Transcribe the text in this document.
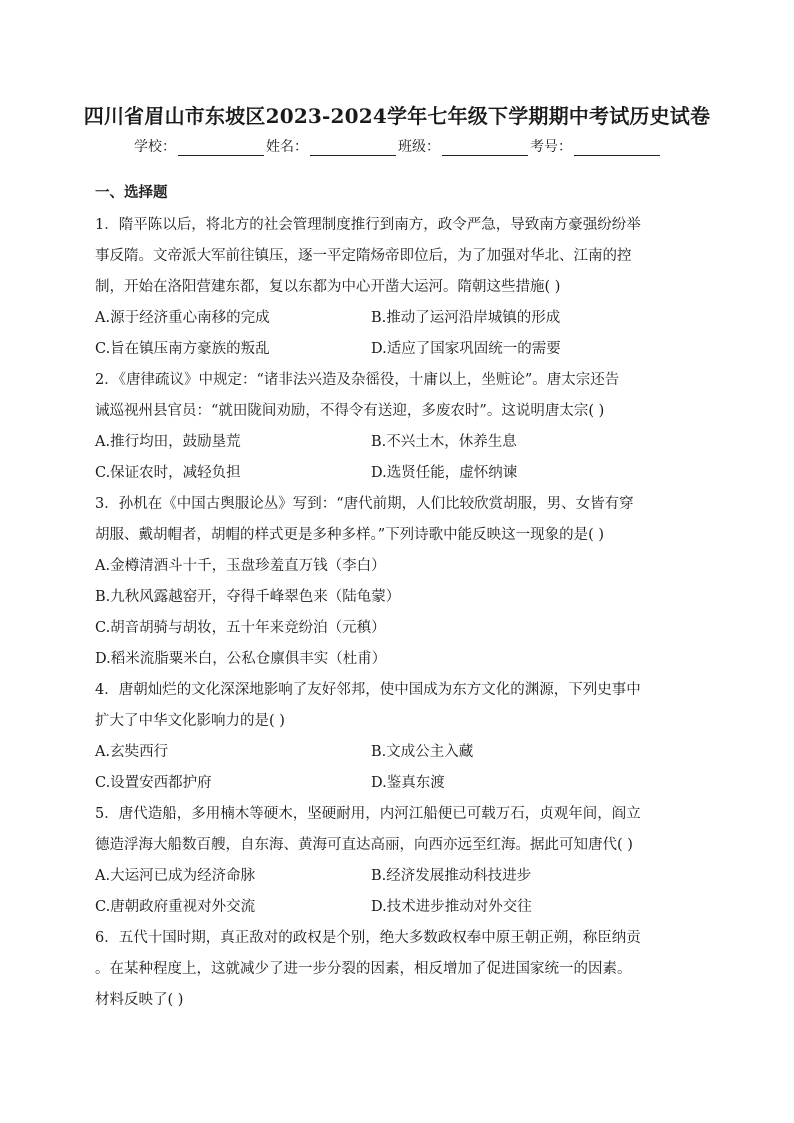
四川省眉山市东坡区2023-2024学年七年级下学期期中考试历史试卷
学校：	姓名：	班级：	考号：
一、选择题
1．隋平陈以后，将北方的社会管理制度推行到南方，政令严急，导致南方豪强纷纷举
事反隋。文帝派大军前往镇压，逐一平定隋炀帝即位后，为了加强对华北、江南的控
制，开始在洛阳营建东都，复以东都为中心开凿大运河。隋朝这些措施( )
A.源于经济重心南移的完成	B.推动了运河沿岸城镇的形成
C.旨在镇压南方豪族的叛乱	D.适应了国家巩固统一的需要
2．《唐律疏议》中规定：“诸非法兴造及杂徭役，十庸以上，坐赃论”。唐太宗还告
诫巡视州县官员：“就田陇间劝励，不得令有送迎，多废农时”。这说明唐太宗( )
A.推行均田，鼓励垦荒	B.不兴土木，休养生息
C.保证农时，减轻负担	D.选贤任能，虚怀纳谏
3．孙机在《中国古舆服论丛》写到：“唐代前期，人们比较欣赏胡服，男、女皆有穿
胡服、戴胡帽者，胡帽的样式更是多种多样。”下列诗歌中能反映这一现象的是( )
A.金樽清酒斗十千，玉盘珍羞直万钱（李白）
B.九秋风露越窑开，夺得千峰翠色来（陆龟蒙）
C.胡音胡骑与胡妆，五十年来竞纷泊（元稹）
D.稻米流脂粟米白，公私仓廪俱丰实（杜甫）
4．唐朝灿烂的文化深深地影响了友好邻邦，使中国成为东方文化的渊源，下列史事中
扩大了中华文化影响力的是( )
A.玄奘西行	B.文成公主入藏
C.设置安西都护府	D.鉴真东渡
5．唐代造船，多用楠木等硬木，坚硬耐用，内河江船便已可载万石，贞观年间，阎立
德造浮海大船数百艘，自东海、黄海可直达高丽，向西亦远至红海。据此可知唐代( )
A.大运河已成为经济命脉	B.经济发展推动科技进步
C.唐朝政府重视对外交流	D.技术进步推动对外交往
6．五代十国时期，真正敌对的政权是个别，绝大多数政权奉中原王朝正朔，称臣纳贡
。在某种程度上，这就减少了进一步分裂的因素，相反增加了促进国家统一的因素。
材料反映了( )
